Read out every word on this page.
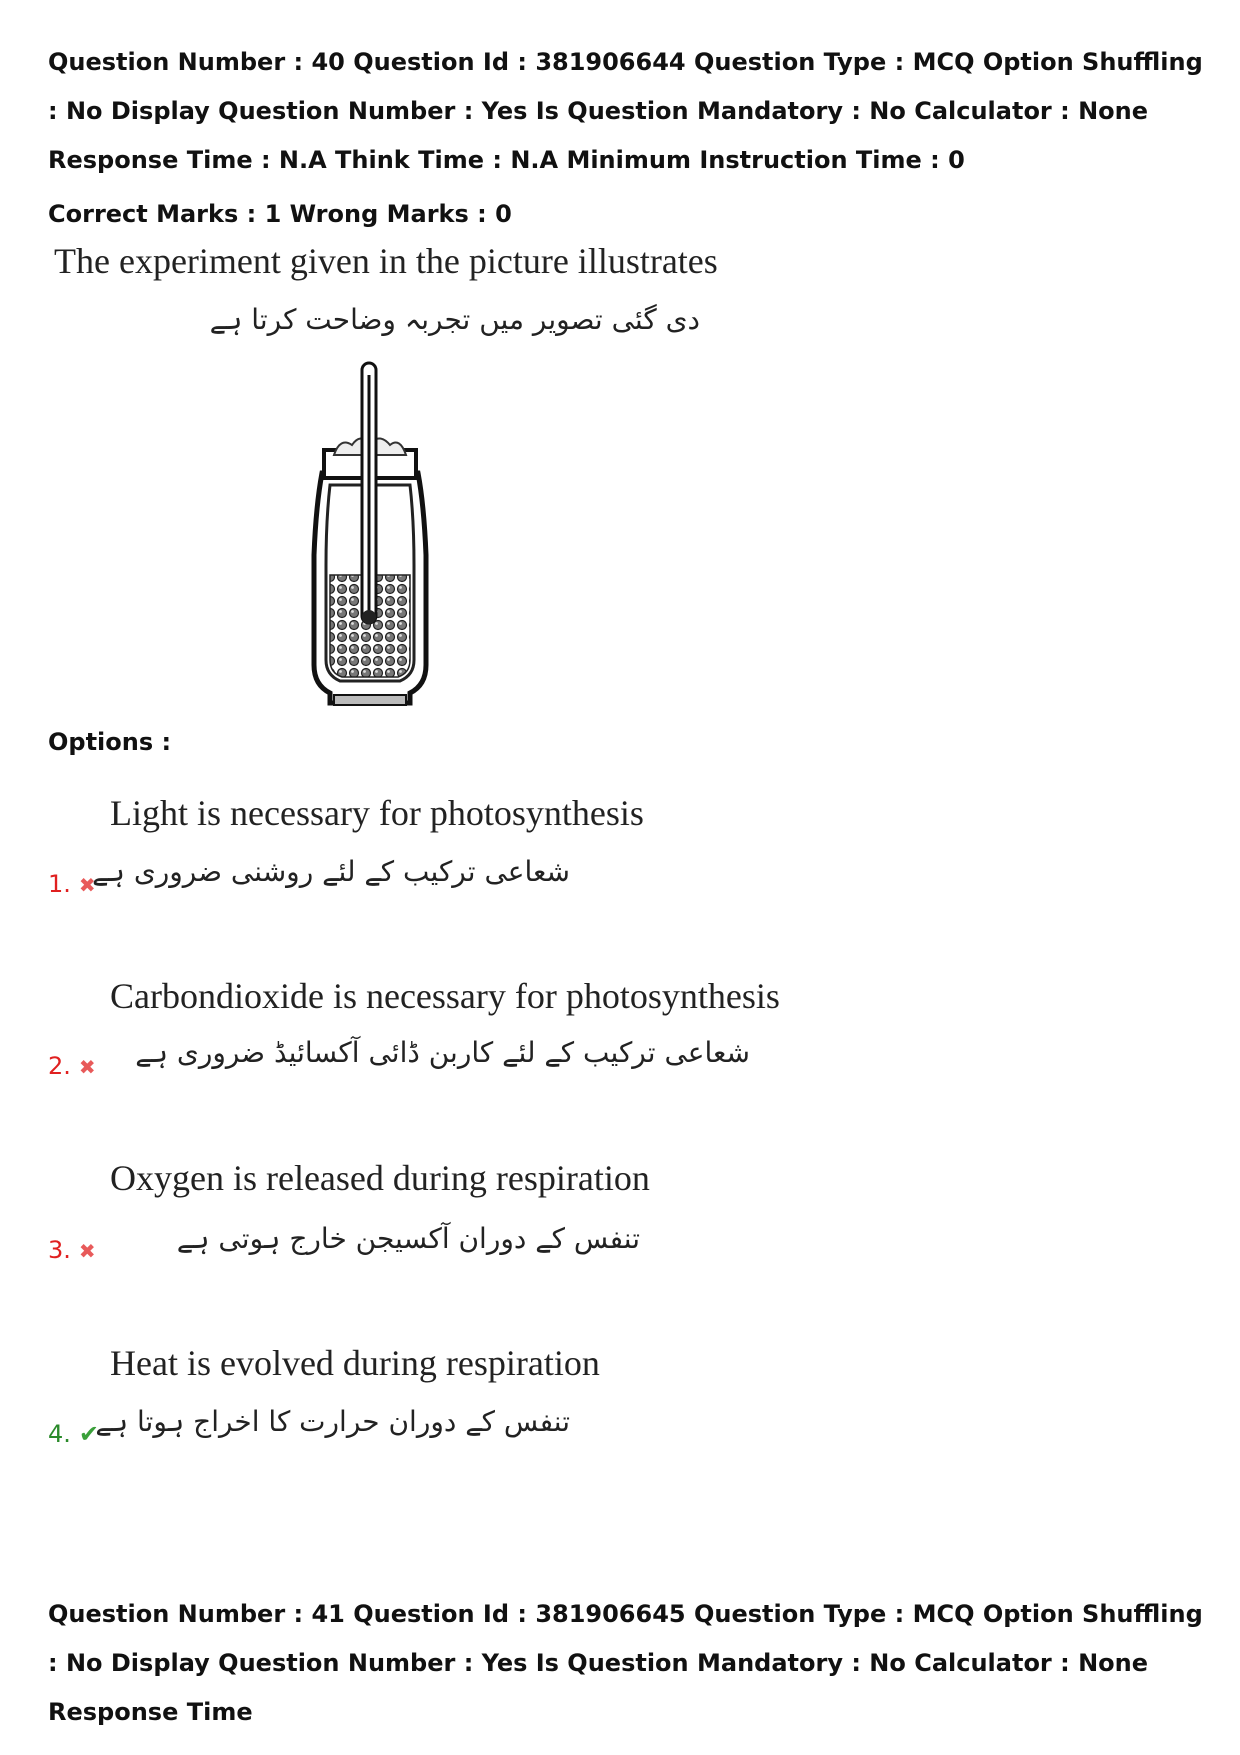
Question Number : 40 Question Id : 381906644 Question Type : MCQ Option Shuffling : No Display Question Number : Yes Is Question Mandatory : No Calculator : None Response Time : N.A Think Time : N.A Minimum Instruction Time : 0
Correct Marks : 1 Wrong Marks : 0
The experiment given in the picture illustrates
دی گئی تصویر میں تجربہ وضاحت کرتا ہے
Options :
Light is necessary for photosynthesis
شعاعی ترکیب کے لئے روشنی ضروری ہے
1. ✖
Carbondioxide is necessary for photosynthesis
شعاعی ترکیب کے لئے کاربن ڈائی آکسائیڈ ضروری ہے
2. ✖
Oxygen is released during respiration
تنفس کے دوران آکسیجن خارج ہوتی ہے
3. ✖
Heat is evolved during respiration
تنفس کے دوران حرارت کا اخراج ہوتا ہے
4. ✔
Question Number : 41 Question Id : 381906645 Question Type : MCQ Option Shuffling : No Display Question Number : Yes Is Question Mandatory : No Calculator : None Response Time
